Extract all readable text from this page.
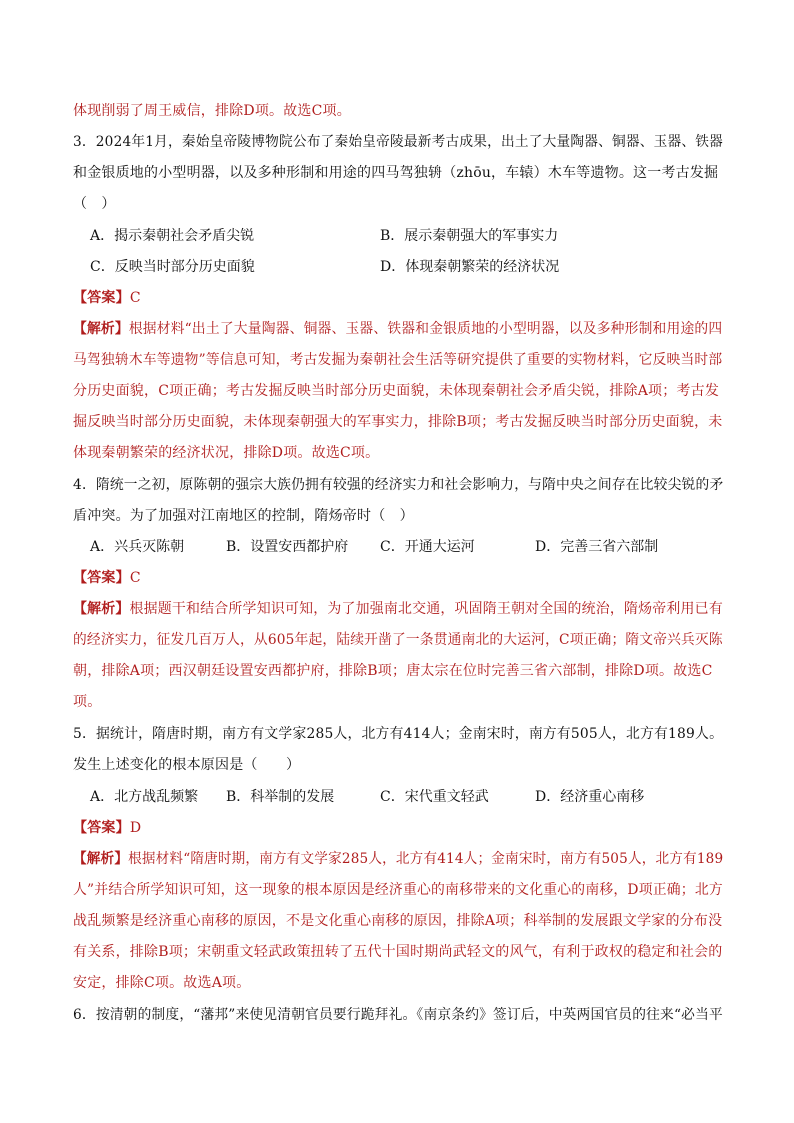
体现削弱了周王威信，排除D项。故选C项。
3．2024年1月，秦始皇帝陵博物院公布了秦始皇帝陵最新考古成果，出土了大量陶器、铜器、玉器、铁器
和金银质地的小型明器，以及多种形制和用途的四马驾独辀（zhōu，车辕）木车等遗物。这一考古发掘
（　）
A．揭示秦朝社会矛盾尖锐	B．展示秦朝强大的军事实力
C．反映当时部分历史面貌	D．体现秦朝繁荣的经济状况
【答案】C
【解析】根据材料“出土了大量陶器、铜器、玉器、铁器和金银质地的小型明器，以及多种形制和用途的四
马驾独辀木车等遗物”等信息可知，考古发掘为秦朝社会生活等研究提供了重要的实物材料，它反映当时部
分历史面貌，C项正确；考古发掘反映当时部分历史面貌，未体现秦朝社会矛盾尖锐，排除A项；考古发
掘反映当时部分历史面貌，未体现秦朝强大的军事实力，排除B项；考古发掘反映当时部分历史面貌，未
体现秦朝繁荣的经济状况，排除D项。故选C项。
4．隋统一之初，原陈朝的强宗大族仍拥有较强的经济实力和社会影响力，与隋中央之间存在比较尖锐的矛
盾冲突。为了加强对江南地区的控制，隋炀帝时（　）
A．兴兵灭陈朝	B．设置安西都护府 C．开通大运河	D．完善三省六部制
【答案】C
【解析】根据题干和结合所学知识可知，为了加强南北交通，巩固隋王朝对全国的统治，隋炀帝利用已有
的经济实力，征发几百万人，从605年起，陆续开凿了一条贯通南北的大运河，C项正确；隋文帝兴兵灭陈
朝，排除A项；西汉朝廷设置安西都护府，排除B项；唐太宗在位时完善三省六部制，排除D项。故选C
项。
5．据统计，隋唐时期，南方有文学家285人，北方有414人；金南宋时，南方有505人，北方有189人。
发生上述变化的根本原因是（　　）
A．北方战乱频繁 B．科举制的发展	C．宋代重文轻武	D．经济重心南移
【答案】D
【解析】根据材料“隋唐时期，南方有文学家285人，北方有414人；金南宋时，南方有505人，北方有189
人”并结合所学知识可知，这一现象的根本原因是经济重心的南移带来的文化重心的南移，D项正确；北方
战乱频繁是经济重心南移的原因，不是文化重心南移的原因，排除A项；科举制的发展跟文学家的分布没
有关系，排除B项；宋朝重文轻武政策扭转了五代十国时期尚武轻文的风气，有利于政权的稳定和社会的
安定，排除C项。故选A项。
6．按清朝的制度，“藩邦”来使见清朝官员要行跪拜礼。《南京条约》签订后，中英两国官员的往来“必当平
